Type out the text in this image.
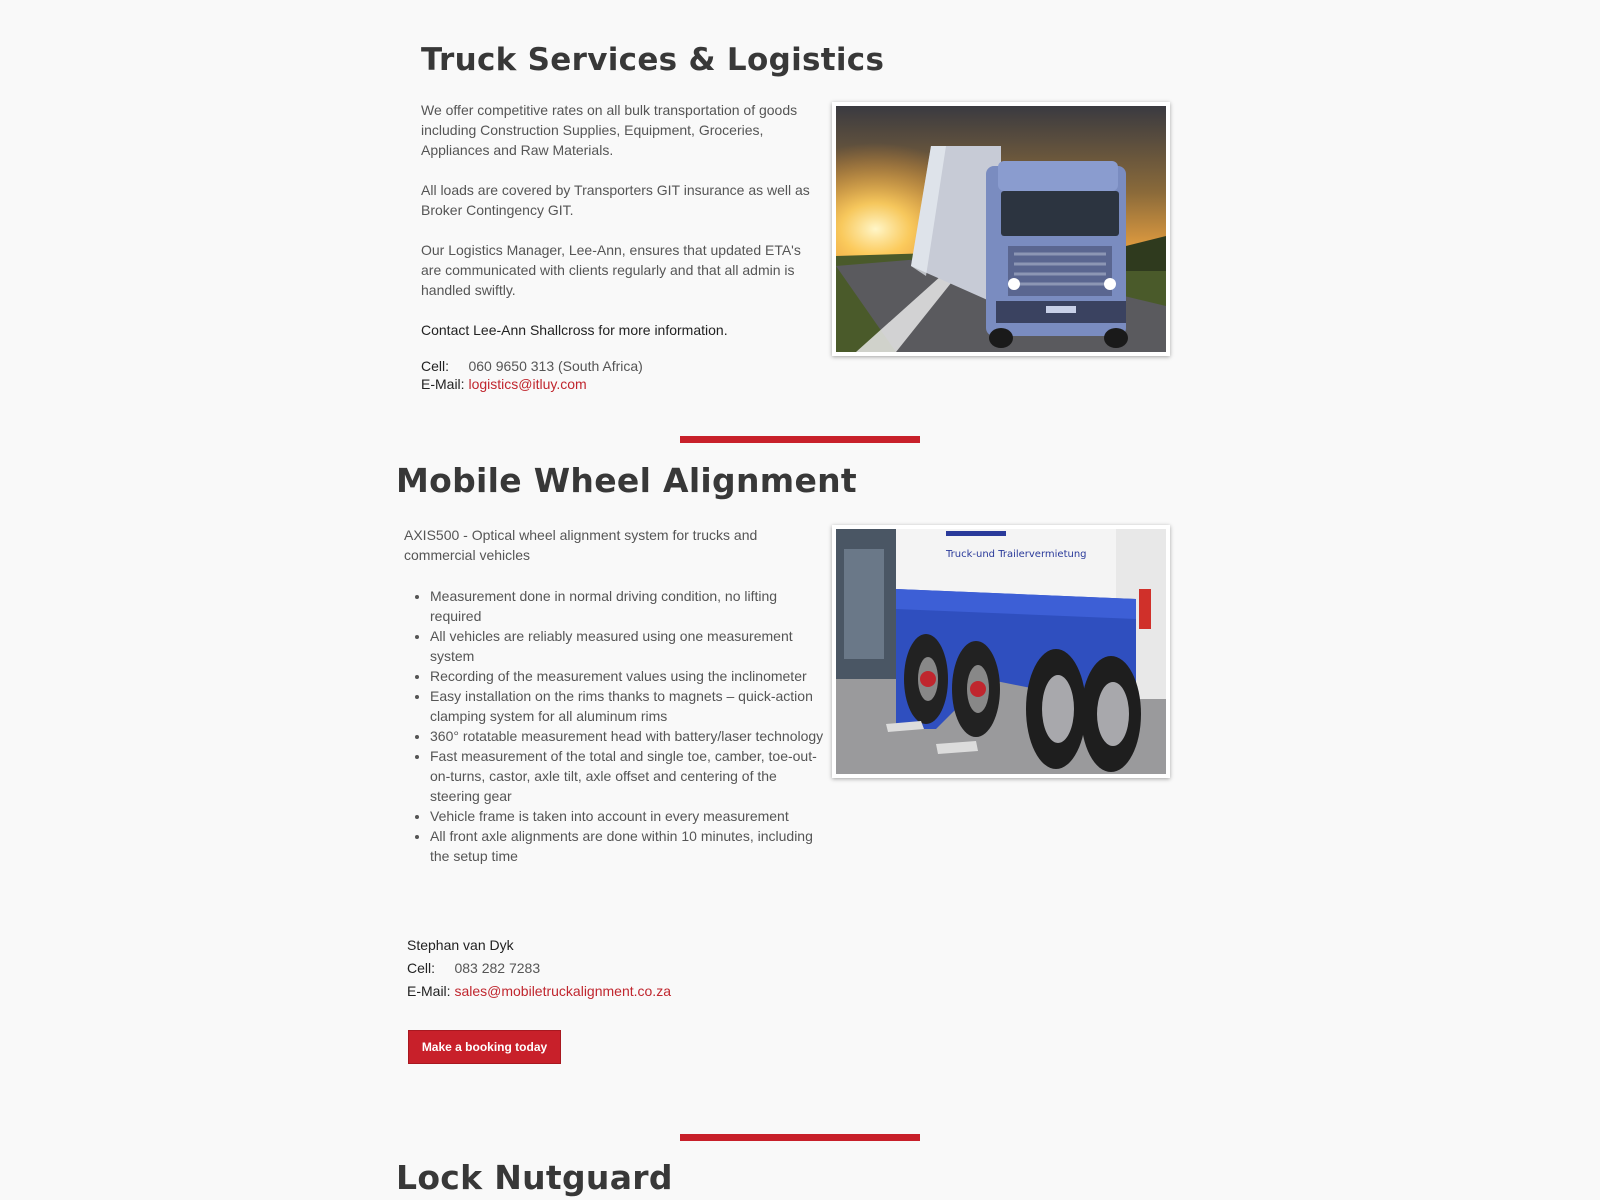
Truck Services & Logistics

We offer competitive rates on all bulk transportation of goods including Construction Supplies, Equipment, Groceries, Appliances and Raw Materials.

All loads are covered by Transporters GIT insurance as well as Broker Contingency GIT.

Our Logistics Manager, Lee-Ann, ensures that updated ETA's are communicated with clients regularly and that all admin is handled swiftly.

Contact Lee-Ann Shallcross for more information.

Cell: 060 9650 313 (South Africa)

E-Mail: logistics@itluy.com

Mobile Wheel Alignment

AXIS500 - Optical wheel alignment system for trucks and commercial vehicles

• Measurement done in normal driving condition, no lifting required
• All vehicles are reliably measured using one measurement system
• Recording of the measurement values using the inclinometer
• Easy installation on the rims thanks to magnets – quick-action clamping system for all aluminum rims
• 360° rotatable measurement head with battery/laser technology
• Fast measurement of the total and single toe, camber, toe-out-on-turns, castor, axle tilt, axle offset and centering of the steering gear
• Vehicle frame is taken into account in every measurement
• All front axle alignments are done within 10 minutes, including the setup time

Stephan van Dyk

Cell: 083 282 7283

E-Mail: sales@mobiletruckalignment.co.za

Make a booking today
Truck-und Trailervermietung
Lock Nutguard
